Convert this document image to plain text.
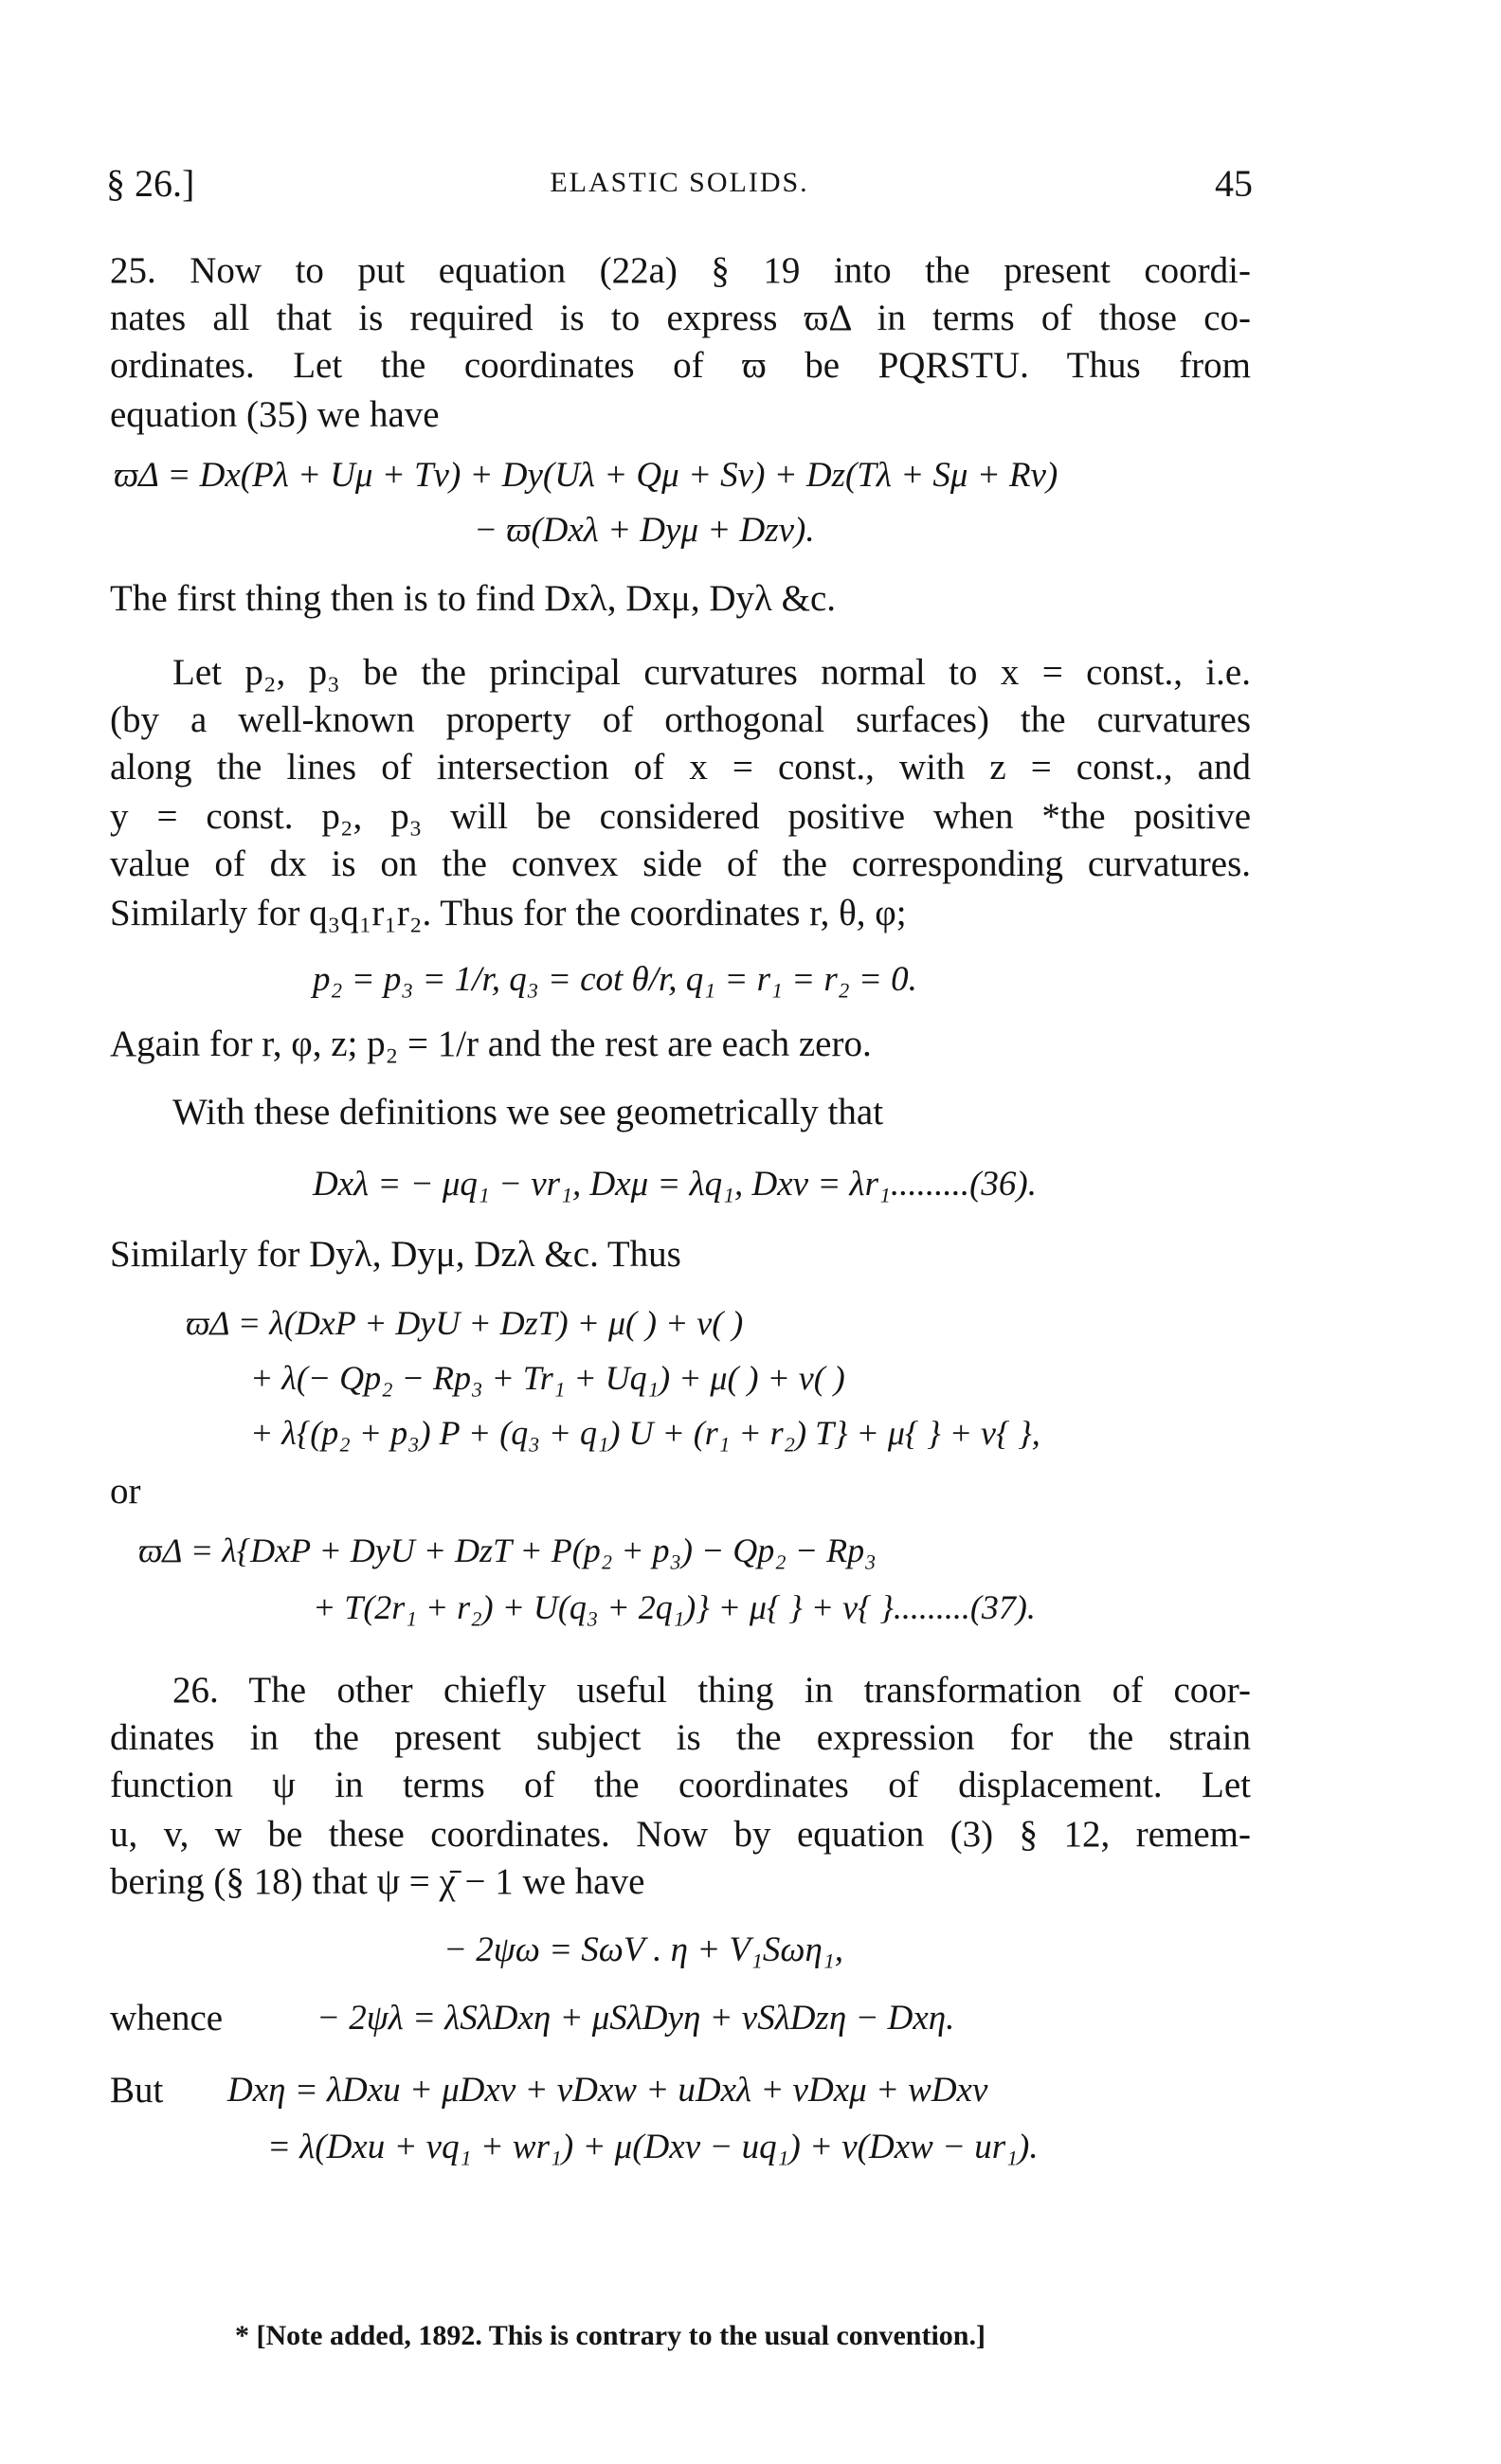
§ 26.]	ELASTIC SOLIDS.	45
25. Now to put equation (22a) § 19 into the present coordi-
nates all that is required is to express ϖΔ in terms of those co-
ordinates. Let the coordinates of ϖ be PQRSTU. Thus from
equation (35) we have
ϖΔ = Dx(Pλ + Uμ + Tν) + Dy(Uλ + Qμ + Sν) + Dz(Tλ + Sμ + Rν)
− ϖ(Dxλ + Dyμ + Dzν).
The first thing then is to find Dxλ, Dxμ, Dyλ &c.
Let p₂, p₃ be the principal curvatures normal to x = const., i.e.
(by a well-known property of orthogonal surfaces) the curvatures
along the lines of intersection of x = const., with z = const., and
y = const. p₂, p₃ will be considered positive when *the positive
value of dx is on the convex side of the corresponding curvatures.
Similarly for q₃q₁r₁r₂. Thus for the coordinates r, θ, φ;
p₂ = p₃ = 1/r, q₃ = cot θ/r, q₁ = r₁ = r₂ = 0.
Again for r, φ, z; p₂ = 1/r and the rest are each zero.
With these definitions we see geometrically that
Dxλ = − μq₁ − νr₁, Dxμ = λq₁, Dxν = λr₁.........(36).
Similarly for Dyλ, Dyμ, Dzλ &c. Thus
ϖΔ = λ(DxP + DyU + DzT) + μ( ) + ν( )
+ λ(− Qp₂ − Rp₃ + Tr₁ + Uq₁) + μ( ) + ν( )
+ λ{(p₂ + p₃) P + (q₃ + q₁) U + (r₁ + r₂) T} + μ{ } + ν{ },
or
ϖΔ = λ{DxP + DyU + DzT + P(p₂ + p₃) − Qp₂ − Rp₃
+ T(2r₁ + r₂) + U(q₃ + 2q₁)} + μ{ } + ν{ }.........(37).
26. The other chiefly useful thing in transformation of coor-
dinates in the present subject is the expression for the strain
function ψ in terms of the coordinates of displacement. Let
u, v, w be these coordinates. Now by equation (3) § 12, remem-
bering (§ 18) that ψ = χ̄ − 1 we have
− 2ψω = SωV . η + V₁Sωη₁,
whence	− 2ψλ = λSλDxη + μSλDyη + νSλDzη − Dxη.
But Dxη = λDxu + μDxv + νDxw + uDxλ + vDxμ + wDxν
= λ(Dxu + vq₁ + wr₁) + μ(Dxv − uq₁) + ν(Dxw − ur₁).
* [Note added, 1892. This is contrary to the usual convention.]
